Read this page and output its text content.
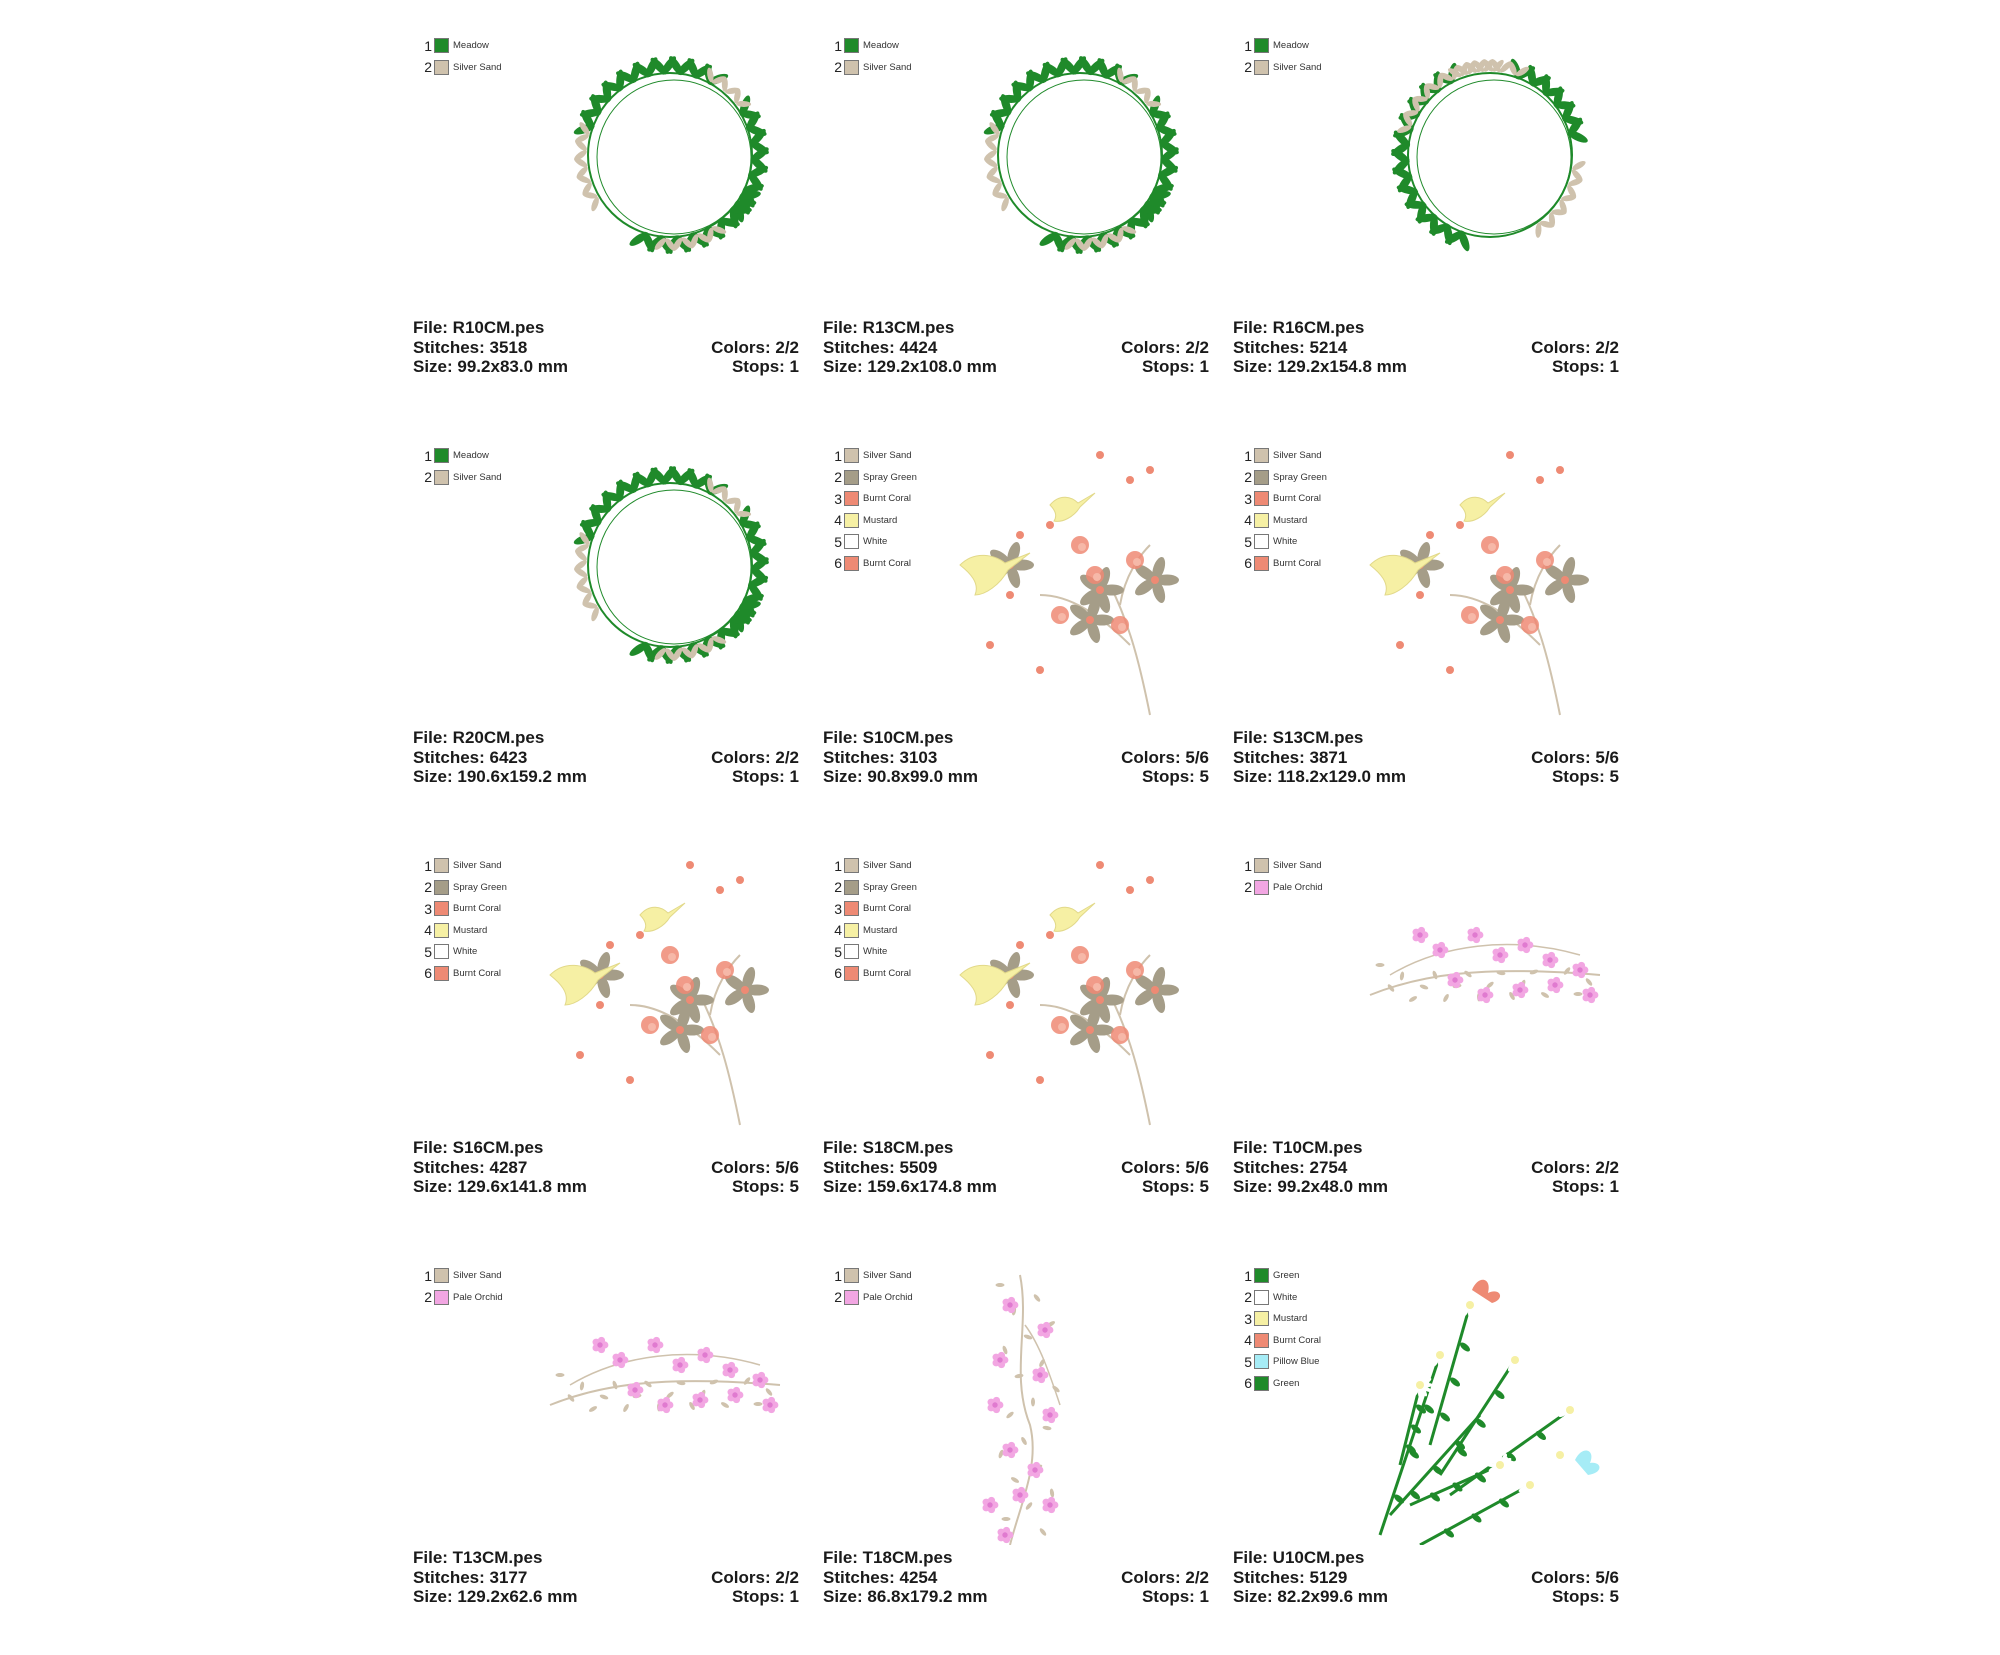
1 Meadow
2 Silver Sand
File: R10CM.pes
Stitches: 3518	Colors: 2/2
Size: 99.2x83.0 mm	Stops: 1
1 Meadow
2 Silver Sand
File: R13CM.pes
Stitches: 4424	Colors: 2/2
Size: 129.2x108.0 mm	Stops: 1
1 Meadow
2 Silver Sand
File: R16CM.pes
Stitches: 5214	Colors: 2/2
Size: 129.2x154.8 mm	Stops: 1
1 Meadow
2 Silver Sand
File: R20CM.pes
Stitches: 6423	Colors: 2/2
Size: 190.6x159.2 mm	Stops: 1
1 Silver Sand
2 Spray Green
3 Burnt Coral
4 Mustard
5 White
6 Burnt Coral
File: S10CM.pes
Stitches: 3103	Colors: 5/6
Size: 90.8x99.0 mm	Stops: 5
1 Silver Sand
2 Spray Green
3 Burnt Coral
4 Mustard
5 White
6 Burnt Coral
File: S13CM.pes
Stitches: 3871	Colors: 5/6
Size: 118.2x129.0 mm	Stops: 5
1 Silver Sand
2 Spray Green
3 Burnt Coral
4 Mustard
5 White
6 Burnt Coral
File: S16CM.pes
Stitches: 4287	Colors: 5/6
Size: 129.6x141.8 mm	Stops: 5
1 Silver Sand
2 Spray Green
3 Burnt Coral
4 Mustard
5 White
6 Burnt Coral
File: S18CM.pes
Stitches: 5509	Colors: 5/6
Size: 159.6x174.8 mm	Stops: 5
1 Silver Sand
2 Pale Orchid
File: T10CM.pes
Stitches: 2754	Colors: 2/2
Size: 99.2x48.0 mm	Stops: 1
1 Silver Sand
2 Pale Orchid
File: T13CM.pes
Stitches: 3177	Colors: 2/2
Size: 129.2x62.6 mm	Stops: 1
1 Silver Sand
2 Pale Orchid
File: T18CM.pes
Stitches: 4254	Colors: 2/2
Size: 86.8x179.2 mm	Stops: 1
1 Green
2 White
3 Mustard
4 Burnt Coral
5 Pillow Blue
6 Green
File: U10CM.pes
Stitches: 5129	Colors: 5/6
Size: 82.2x99.6 mm	Stops: 5
